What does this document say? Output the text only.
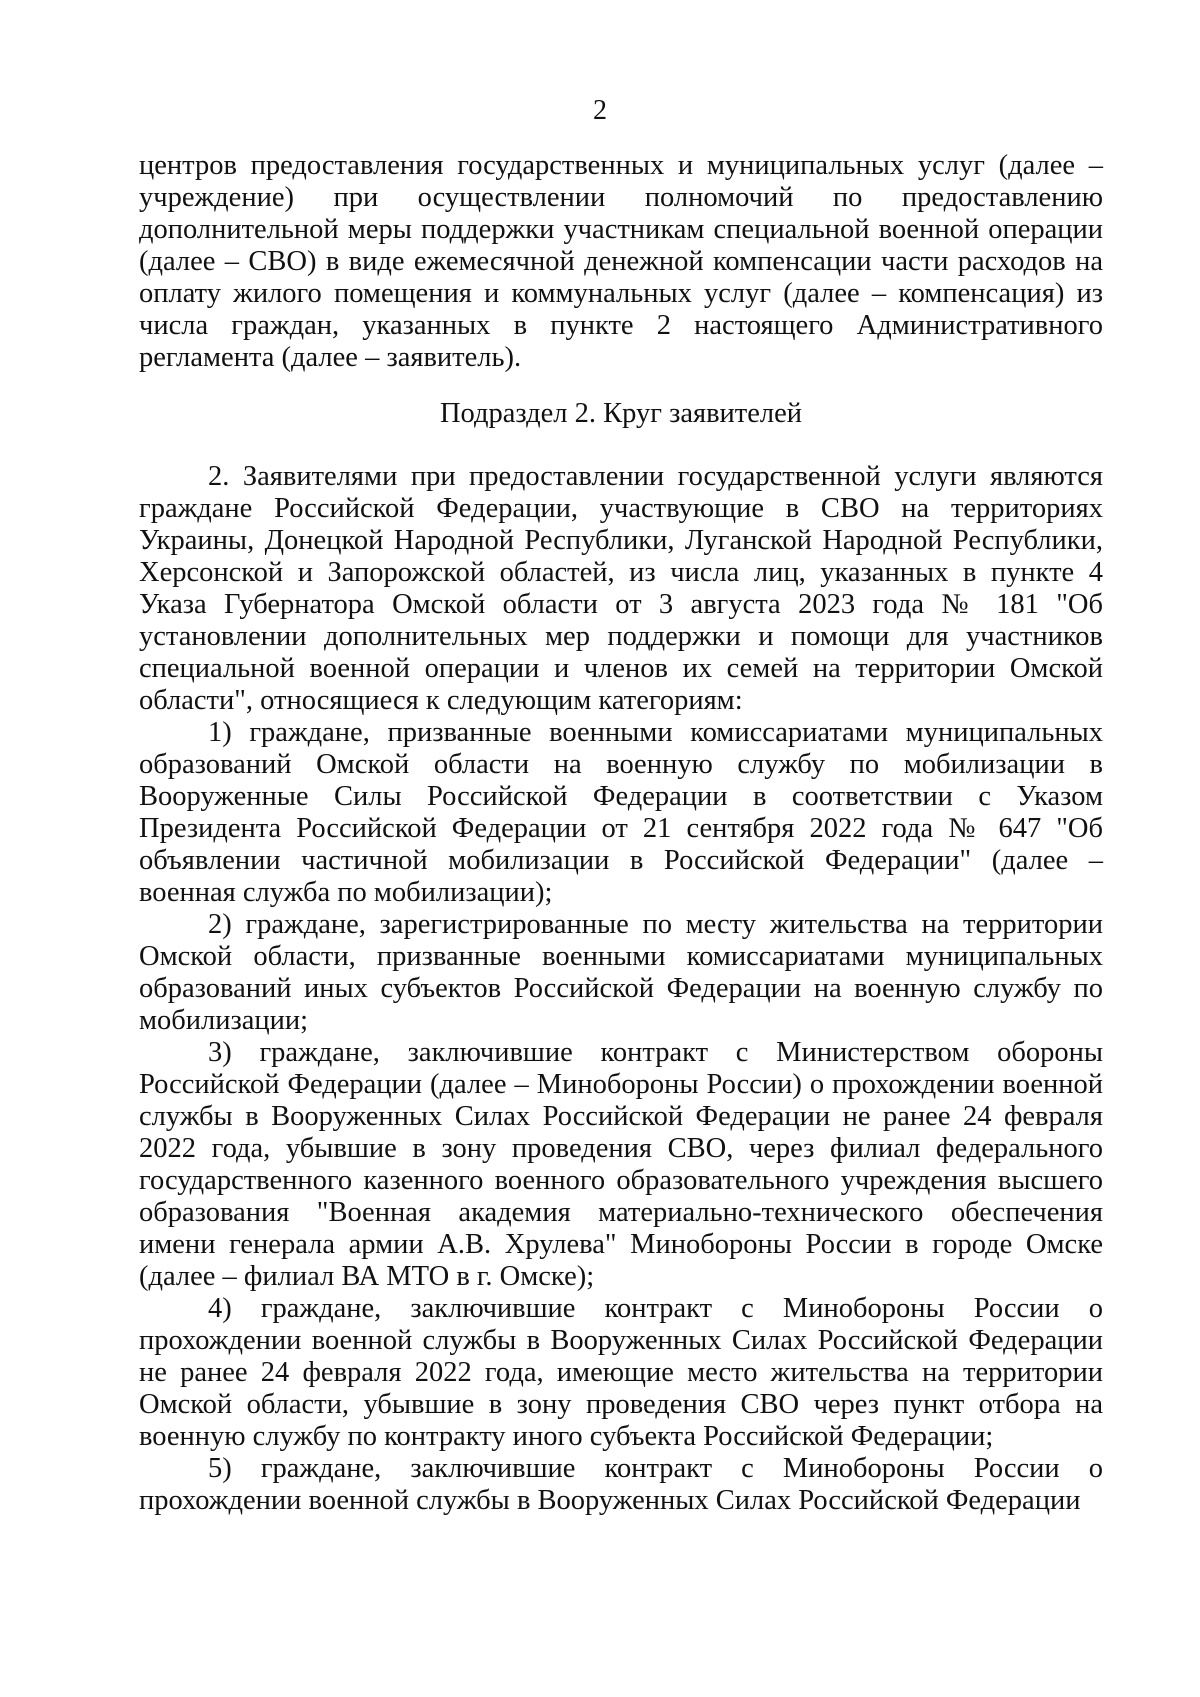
2

центров предоставления государственных и муниципальных услуг (далее – учреждение) при осуществлении полномочий по предоставлению дополнительной меры поддержки участникам специальной военной операции (далее – СВО) в виде ежемесячной денежной компенсации части расходов на оплату жилого помещения и коммунальных услуг (далее – компенсация) из числа граждан, указанных в пункте 2 настоящего Административного регламента (далее – заявитель).

Подраздел 2. Круг заявителей

2. Заявителями при предоставлении государственной услуги являются граждане Российской Федерации, участвующие в СВО на территориях Украины, Донецкой Народной Республики, Луганской Народной Республики, Херсонской и Запорожской областей, из числа лиц, указанных в пункте 4 Указа Губернатора Омской области от 3 августа 2023 года № 181 "Об установлении дополнительных мер поддержки и помощи для участников специальной военной операции и членов их семей на территории Омской области", относящиеся к следующим категориям:

1) граждане, призванные военными комиссариатами муниципальных образований Омской области на военную службу по мобилизации в Вооруженные Силы Российской Федерации в соответствии с Указом Президента Российской Федерации от 21 сентября 2022 года № 647 "Об объявлении частичной мобилизации в Российской Федерации" (далее – военная служба по мобилизации);

2) граждане, зарегистрированные по месту жительства на территории Омской области, призванные военными комиссариатами муниципальных образований иных субъектов Российской Федерации на военную службу по мобилизации;

3) граждане, заключившие контракт с Министерством обороны Российской Федерации (далее – Минобороны России) о прохождении военной службы в Вооруженных Силах Российской Федерации не ранее 24 февраля 2022 года, убывшие в зону проведения СВО, через филиал федерального государственного казенного военного образовательного учреждения высшего образования "Военная академия материально-технического обеспечения имени генерала армии А.В. Хрулева" Минобороны России в городе Омске (далее – филиал ВА МТО в г. Омске);

4) граждане, заключившие контракт с Минобороны России о прохождении военной службы в Вооруженных Силах Российской Федерации не ранее 24 февраля 2022 года, имеющие место жительства на территории Омской области, убывшие в зону проведения СВО через пункт отбора на военную службу по контракту иного субъекта Российской Федерации;

5) граждане, заключившие контракт с Минобороны России о прохождении военной службы в Вооруженных Силах Российской Федерации
